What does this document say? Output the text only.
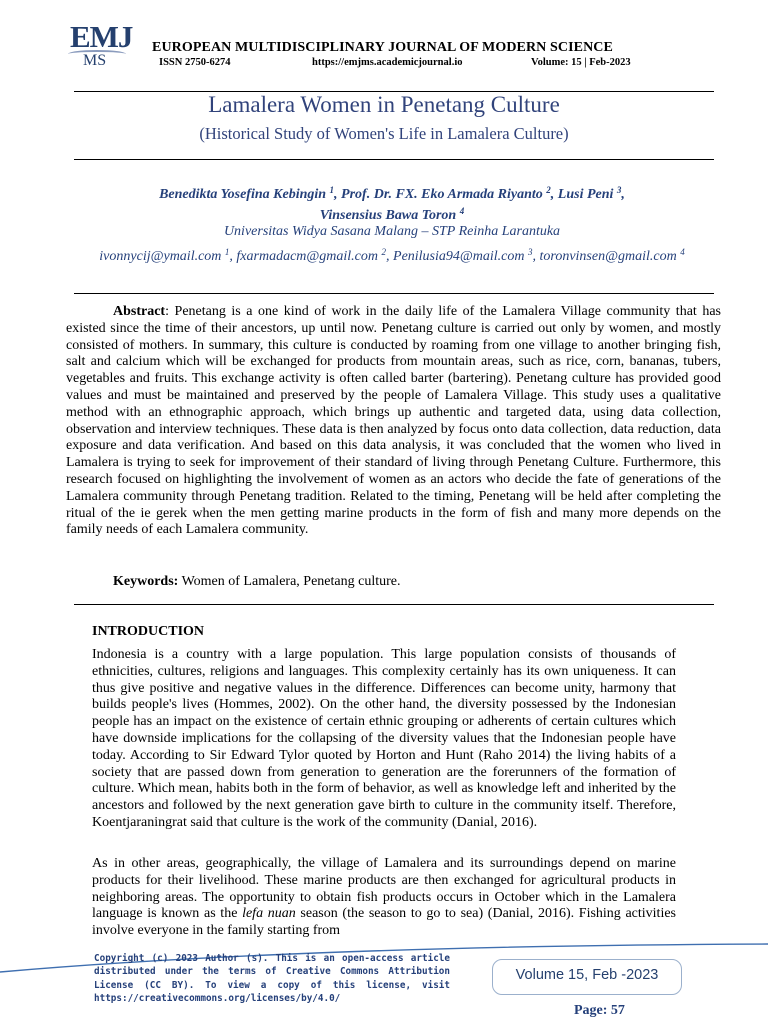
EMJ
MS
EUROPEAN MULTIDISCIPLINARY JOURNAL OF MODERN SCIENCE
ISSN 2750-6274	https://emjms.academicjournal.io	Volume: 15 | Feb-2023
Lamalera Women in Penetang Culture
(Historical Study of Women's Life in Lamalera Culture)
Benedikta Yosefina Kebingin $^1$, Prof. Dr. FX. Eko Armada Riyanto $^2$, Lusi Peni $^3$,
Vinsensius Bawa Toron $^4$
Universitas Widya Sasana Malang – STP Reinha Larantuka
ivonnycij@ymail.com $^1$, fxarmadacm@gmail.com $^2$, Penilusia94@mail.com $^3$, toronvinsen@gmail.com $^4$
Abstract: Penetang is a one kind of work in the daily life of the Lamalera Village community that has existed since the time of their ancestors, up until now. Penetang culture is carried out only by women, and mostly consisted of mothers. In summary, this culture is conducted by roaming from one village to another bringing fish, salt and calcium which will be exchanged for products from mountain areas, such as rice, corn, bananas, tubers, vegetables and fruits. This exchange activity is often called barter (bartering). Penetang culture has provided good values and must be maintained and preserved by the people of Lamalera Village. This study uses a qualitative method with an ethnographic approach, which brings up authentic and targeted data, using data collection, observation and interview techniques. These data is then analyzed by focus onto data collection, data reduction, data exposure and data verification. And based on this data analysis, it was concluded that the women who lived in Lamalera is trying to seek for improvement of their standard of living through Penetang Culture. Furthermore, this research focused on highlighting the involvement of women as an actors who decide the fate of generations of the Lamalera community through Penetang tradition. Related to the timing, Penetang will be held after completing the ritual of the ie gerek when the men getting marine products in the form of fish and many more depends on the family needs of each Lamalera community.
Keywords: Women of Lamalera, Penetang culture.
INTRODUCTION
Indonesia is a country with a large population. This large population consists of thousands of ethnicities, cultures, religions and languages. This complexity certainly has its own uniqueness. It can thus give positive and negative values in the difference. Differences can become unity, harmony that builds people's lives (Hommes, 2002). On the other hand, the diversity possessed by the Indonesian people has an impact on the existence of certain ethnic grouping or adherents of certain cultures which have downside implications for the collapsing of the diversity values that the Indonesian people have today. According to Sir Edward Tylor quoted by Horton and Hunt (Raho 2014) the living habits of a society that are passed down from generation to generation are the forerunners of the formation of culture. Which mean, habits both in the form of behavior, as well as knowledge left and inherited by the ancestors and followed by the next generation gave birth to culture in the community itself. Therefore, Koentjaraningrat said that culture is the work of the community (Danial, 2016).
As in other areas, geographically, the village of Lamalera and its surroundings depend on marine products for their livelihood. These marine products are then exchanged for agricultural products in neighboring areas. The opportunity to obtain fish products occurs in October which in the Lamalera language is known as the lefa nuan season (the season to go to sea) (Danial, 2016). Fishing activities involve everyone in the family starting from
Copyright (c) 2023 Author (s). This is an open-access article distributed under the terms of Creative Commons Attribution License (CC BY). To view a copy of this license, visit https://creativecommons.org/licenses/by/4.0/
Volume 15, Feb -2023
Page: 57
